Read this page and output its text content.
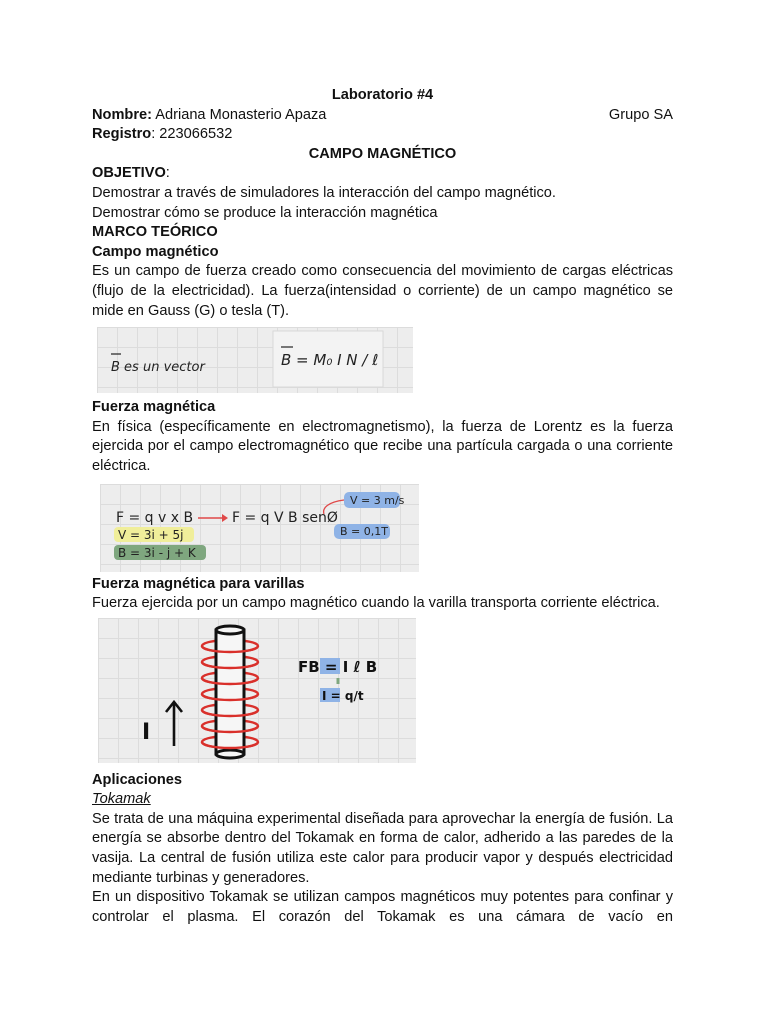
Laboratorio #4

Nombre: Adriana Monasterio Apaza	Grupo SA

Registro: 223066532

CAMPO MAGNÉTICO

OBJETIVO:

Demostrar a través de simuladores la interacción del campo magnético.

Demostrar cómo se produce la interacción magnética

MARCO TEÓRICO

Campo magnético

Es un campo de fuerza creado como consecuencia del movimiento de cargas eléctricas (flujo de la electricidad). La fuerza(intensidad o corriente) de un campo magnético se mide en Gauss (G) o tesla (T).

B es un vector	B = M₀ I N / ℓ

Fuerza magnética

En física (específicamente en electromagnetismo), la fuerza de Lorentz es la fuerza ejercida por el campo electromagnético que recibe una partícula cargada o una corriente eléctrica.

F = q v x B	F = q V B senØ
V = 3 m/s
B = 0,1T
V = 3i + 5j
B = 3i - j + K

Fuerza magnética para varillas

Fuerza ejercida por un campo magnético cuando la varilla transporta corriente eléctrica.

I
FB = I ℓ B
I = q/t

Aplicaciones

Tokamak

Se trata de una máquina experimental diseñada para aprovechar la energía de fusión. La energía se absorbe dentro del Tokamak en forma de calor, adherido a las paredes de la vasija. La central de fusión utiliza este calor para producir vapor y después electricidad mediante turbinas y generadores.

En un dispositivo Tokamak se utilizan campos magnéticos muy potentes para confinar y controlar el plasma. El corazón del Tokamak es una cámara de vacío en
